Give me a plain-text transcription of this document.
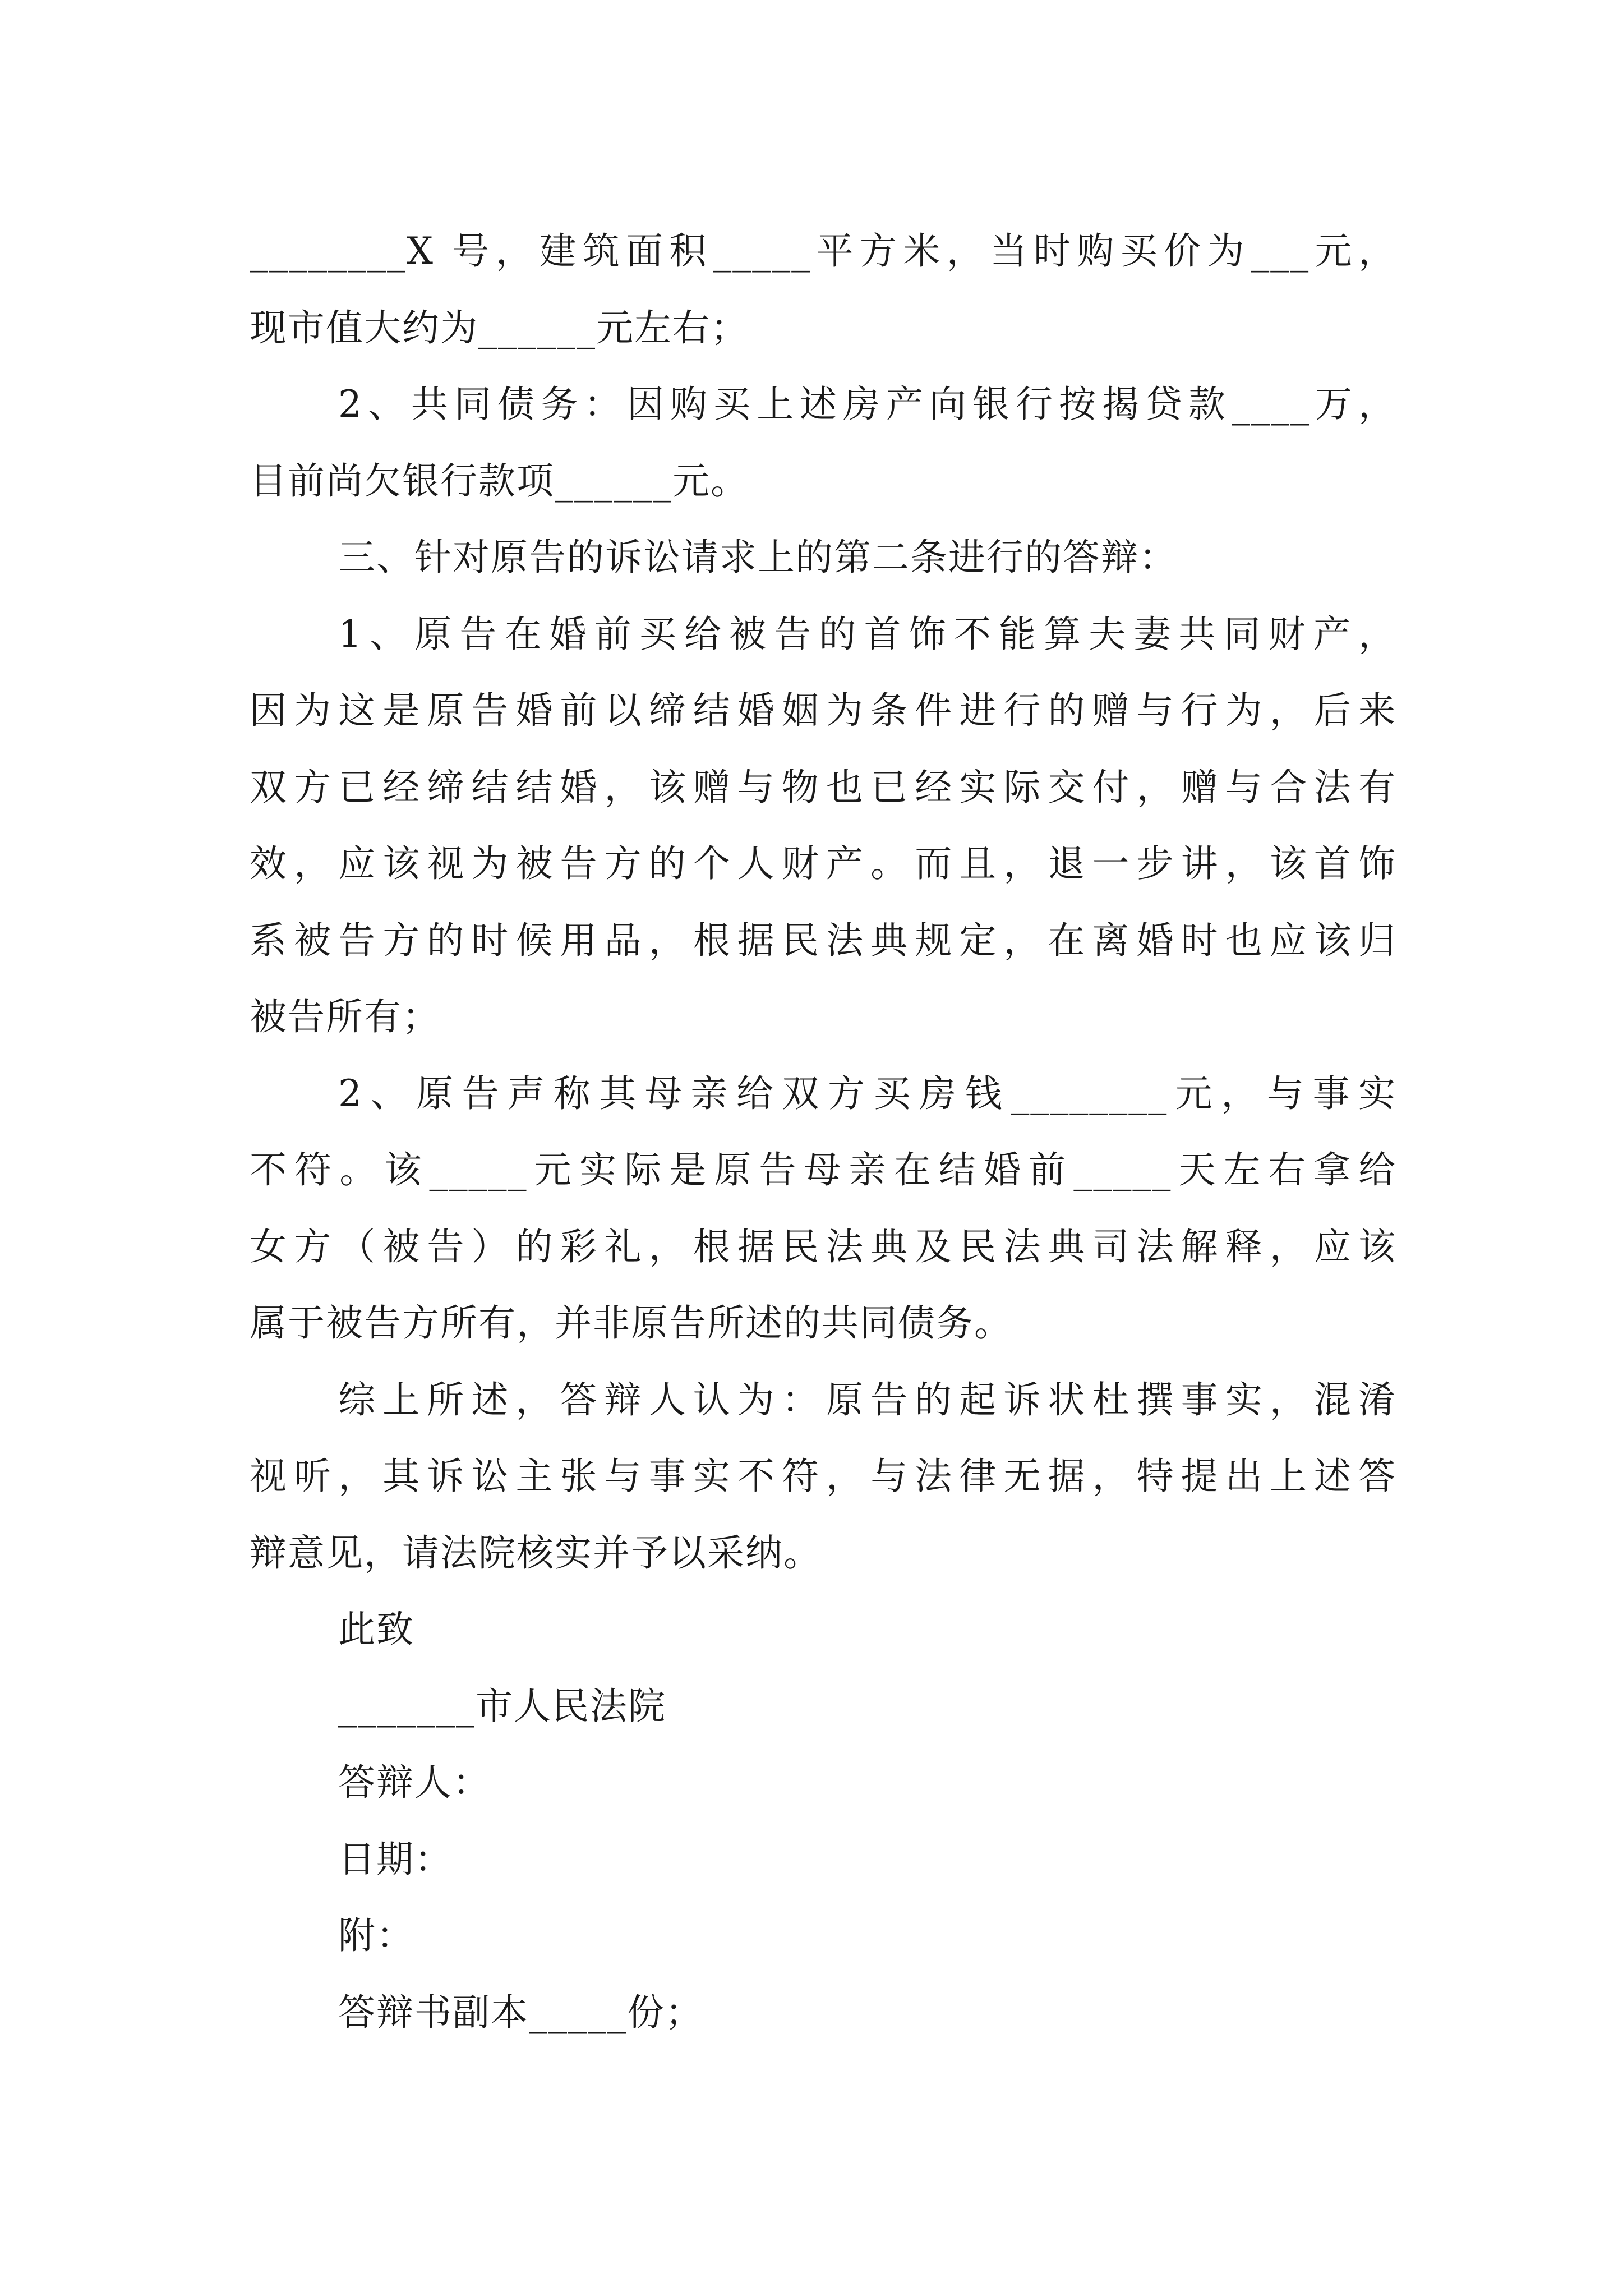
________X 号，建筑面积_____平方米，当时购买价为___元，
现市值大约为______元左右；
2、共同债务：因购买上述房产向银行按揭贷款____万，
目前尚欠银行款项______元。
三、针对原告的诉讼请求上的第二条进行的答辩：
1、原告在婚前买给被告的首饰不能算夫妻共同财产，
因为这是原告婚前以缔结婚姻为条件进行的赠与行为，后来
双方已经缔结结婚，该赠与物也已经实际交付，赠与合法有
效，应该视为被告方的个人财产。而且，退一步讲，该首饰
系被告方的时候用品，根据民法典规定，在离婚时也应该归
被告所有；
2、原告声称其母亲给双方买房钱________元，与事实
不符。该_____元实际是原告母亲在结婚前_____天左右拿给
女方（被告）的彩礼，根据民法典及民法典司法解释，应该
属于被告方所有，并非原告所述的共同债务。
综上所述，答辩人认为：原告的起诉状杜撰事实，混淆
视听，其诉讼主张与事实不符，与法律无据，特提出上述答
辩意见，请法院核实并予以采纳。
此致
_______市人民法院
答辩人：
日期：
附：
答辩书副本_____份；
